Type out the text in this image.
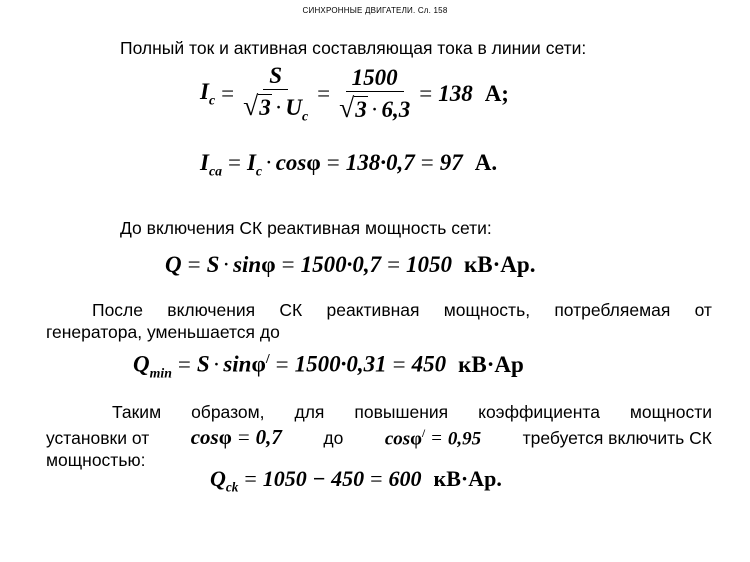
СИНХРОННЫЕ ДВИГАТЕЛИ. Сл. 158
Полный ток и активная составляющая тока в линии сети:
$I_c = \frac{S}{√3 \cdot U_c} = \frac{1500}{√3 \cdot 6,3} = 138$ А;
$I_{ca} = I_c \cdot \cos\varphi = 138\cdot 0,7 = 97$ А.
До включения СК реактивная мощность сети:
Q = S · sinφ = 1500·0,7 = 1050 кВ·Ар.
После включения СК реактивная мощность, потребляемая от
генератора, уменьшается до
$Q_{min} = S \cdot \sin\varphi^/ = 1500\cdot 0,31 = 450$ кВ·Ар
Таким образом, для повышения коэффициента мощности
установки от cosφ = 0,7 до cosφ/ = 0,95 требуется включить СК
мощностью:
$Q_{ck} = 1050 - 450 = 600$ кВ·Ар.
